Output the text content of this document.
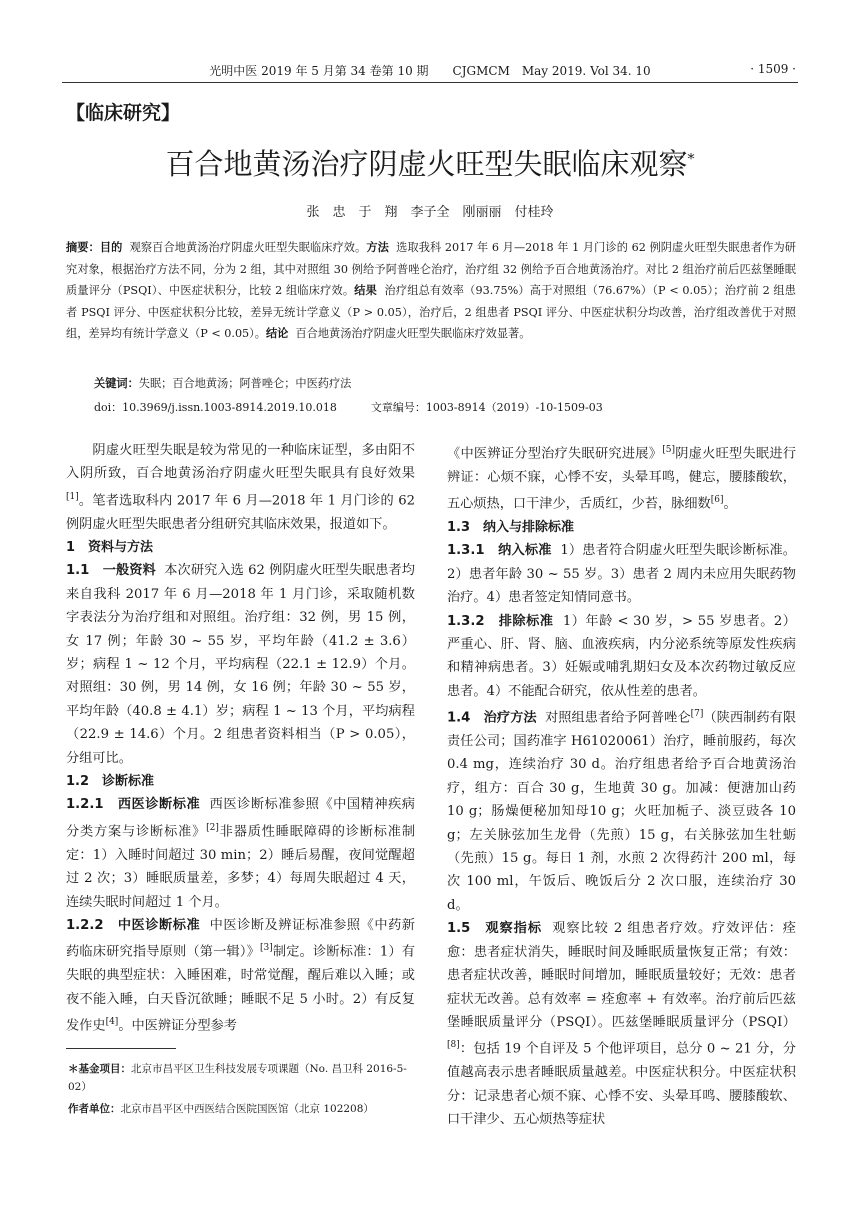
光明中医 2019 年 5 月第 34 卷第 10 期　　CJGMCM　May 2019. Vol 34. 10	· 1509 ·
【临床研究】
百合地黄汤治疗阴虚火旺型失眠临床观察*
张　忠　于　翔　李子全　刚丽丽　付桂玲
摘要：目的 观察百合地黄汤治疗阴虚火旺型失眠临床疗效。方法 选取我科 2017 年 6 月—2018 年 1 月门诊的 62 例阴虚火旺型失眠患者作为研究对象，根据治疗方法不同，分为 2 组，其中对照组 30 例给予阿普唑仑治疗，治疗组 32 例给予百合地黄汤治疗。对比 2 组治疗前后匹兹堡睡眠质量评分（PSQI）、中医症状积分，比较 2 组临床疗效。结果 治疗组总有效率（93.75%）高于对照组（76.67%）（P < 0.05）；治疗前 2 组患者 PSQI 评分、中医症状积分比较，差异无统计学意义（P > 0.05），治疗后，2 组患者 PSQI 评分、中医症状积分均改善，治疗组改善优于对照组，差异均有统计学意义（P < 0.05）。结论 百合地黄汤治疗阴虚火旺型失眠临床疗效显著。
关键词：失眠；百合地黄汤；阿普唑仑；中医药疗法
doi：10.3969/j.issn.1003-8914.2019.10.018	文章编号：1003-8914（2019）-10-1509-03

阴虚火旺型失眠是较为常见的一种临床证型，多由阳不入阴所致，百合地黄汤治疗阴虚火旺型失眠具有良好效果[1]。笔者选取科内 2017 年 6 月—2018 年 1 月门诊的 62 例阴虚火旺型失眠患者分组研究其临床效果，报道如下。

1　资料与方法

1.1　一般资料 本次研究入选 62 例阴虚火旺型失眠患者均来自我科 2017 年 6 月—2018 年 1 月门诊，采取随机数字表法分为治疗组和对照组。治疗组：32 例，男 15 例，女 17 例；年龄 30 ~ 55 岁，平均年龄（41.2 ± 3.6）岁；病程 1 ~ 12 个月，平均病程（22.1 ± 12.9）个月。对照组：30 例，男 14 例，女 16 例；年龄 30 ~ 55 岁，平均年龄（40.8 ± 4.1）岁；病程 1 ~ 13 个月，平均病程（22.9 ± 14.6）个月。2 组患者资料相当（P > 0.05），分组可比。

1.2　诊断标准

1.2.1　西医诊断标准 西医诊断标准参照《中国精神疾病分类方案与诊断标准》[2]非器质性睡眠障碍的诊断标准制定：1）入睡时间超过 30 min；2）睡后易醒，夜间觉醒超过 2 次；3）睡眠质量差，多梦；4）每周失眠超过 4 天，连续失眠时间超过 1 个月。

1.2.2　中医诊断标准 中医诊断及辨证标准参照《中药新药临床研究指导原则（第一辑）》[3]制定。诊断标准：1）有失眠的典型症状：入睡困难，时常觉醒，醒后难以入睡；或夜不能入睡，白天昏沉欲睡；睡眠不足 5 小时。2）有反复发作史[4]。中医辨证分型参考

《中医辨证分型治疗失眠研究进展》[5]阴虚火旺型失眠进行辨证：心烦不寐，心悸不安，头晕耳鸣，健忘，腰膝酸软，五心烦热，口干津少，舌质红，少苔，脉细数[6]。

1.3　纳入与排除标准

1.3.1　纳入标准 1）患者符合阴虚火旺型失眠诊断标准。2）患者年龄 30 ~ 55 岁。3）患者 2 周内未应用失眠药物治疗。4）患者签定知情同意书。

1.3.2　排除标准 1）年龄 < 30 岁，> 55 岁患者。2）严重心、肝、肾、脑、血液疾病，内分泌系统等原发性疾病和精神病患者。3）妊娠或哺乳期妇女及本次药物过敏反应患者。4）不能配合研究，依从性差的患者。

1.4　治疗方法 对照组患者给予阿普唑仑[7]（陕西制药有限责任公司；国药准字 H61020061）治疗，睡前服药，每次 0.4 mg，连续治疗 30 d。治疗组患者给予百合地黄汤治疗，组方：百合 30 g，生地黄 30 g。加减：便溏加山药 10 g；肠燥便秘加知母10 g；火旺加栀子、淡豆豉各 10 g；左关脉弦加生龙骨（先煎）15 g，右关脉弦加生牡蛎（先煎）15 g。每日 1 剂，水煎 2 次得药汁 200 ml，每次 100 ml，午饭后、晚饭后分 2 次口服，连续治疗 30 d。

1.5　观察指标 观察比较 2 组患者疗效。疗效评估：痊愈：患者症状消失，睡眠时间及睡眠质量恢复正常；有效：患者症状改善，睡眠时间增加，睡眠质量较好；无效：患者症状无改善。总有效率 = 痊愈率 + 有效率。治疗前后匹兹堡睡眠质量评分（PSQI）。匹兹堡睡眠质量评分（PSQI）[8]：包括 19 个自评及 5 个他评项目，总分 0 ~ 21 分，分值越高表示患者睡眠质量越差。中医症状积分。中医症状积分：记录患者心烦不寐、心悸不安、头晕耳鸣、腰膝酸软、口干津少、五心烦热等症状

＊基金项目：北京市昌平区卫生科技发展专项课题（No. 昌卫科 2016-5-02）
作者单位：北京市昌平区中西医结合医院国医馆（北京 102208）
